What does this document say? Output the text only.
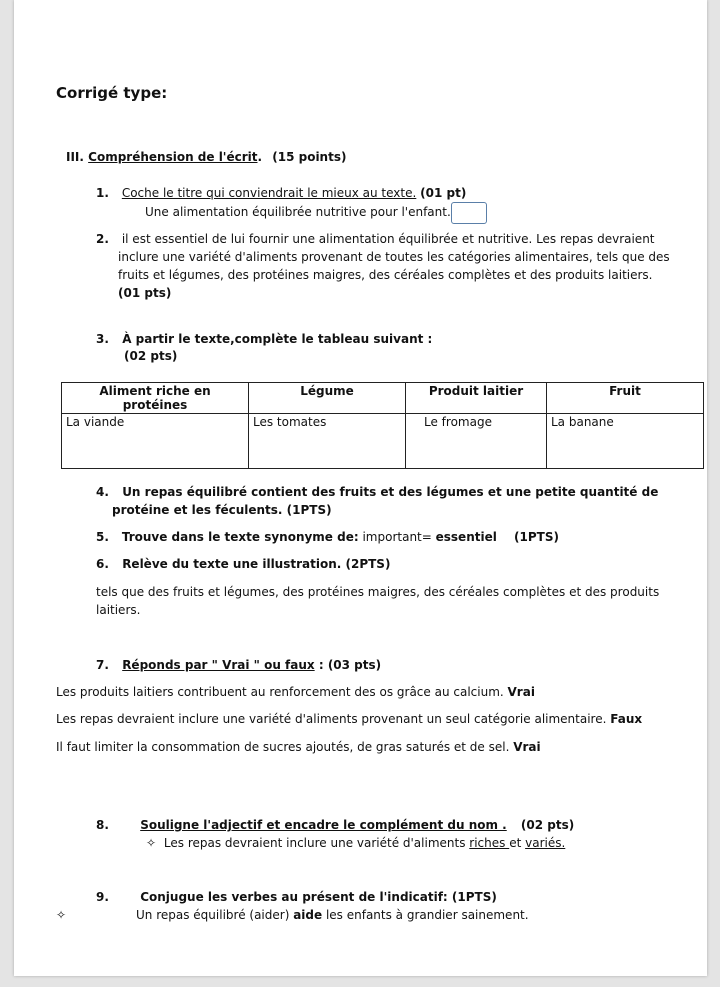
Corrigé type:
III. Compréhension de l'écrit. (15 points)
1. Coche le titre qui conviendrait le mieux au texte. (01 pt)
Une alimentation équilibrée nutritive pour l'enfant.
2. il est essentiel de lui fournir une alimentation équilibrée et nutritive. Les repas devraient
inclure une variété d'aliments provenant de toutes les catégories alimentaires, tels que des
fruits et légumes, des protéines maigres, des céréales complètes et des produits laitiers.
(01 pts)
3. À partir le texte,complète le tableau suivant :
(02 pts)
Aliment riche en protéines	Légume	Produit laitier	Fruit
La viande	Les tomates	Le fromage	La banane
4. Un repas équilibré contient des fruits et des légumes et une petite quantité de
protéine et les féculents. (1PTS)
5. Trouve dans le texte synonyme de: important= essentiel (1PTS)
6. Relève du texte une illustration. (2PTS)
tels que des fruits et légumes, des protéines maigres, des céréales complètes et des produits
laitiers.
7. Réponds par " Vrai " ou faux : (03 pts)
Les produits laitiers contribuent au renforcement des os grâce au calcium. Vrai
Les repas devraient inclure une variété d'aliments provenant un seul catégorie alimentaire. Faux
Il faut limiter la consommation de sucres ajoutés, de gras saturés et de sel. Vrai
8.	Souligne l'adjectif et encadre le complément du nom . (02 pts)
✧ Les repas devraient inclure une variété d'aliments riches et variés.
9.	Conjugue les verbes au présent de l'indicatif: (1PTS)
✧	Un repas équilibré (aider) aide les enfants à grandier sainement.
